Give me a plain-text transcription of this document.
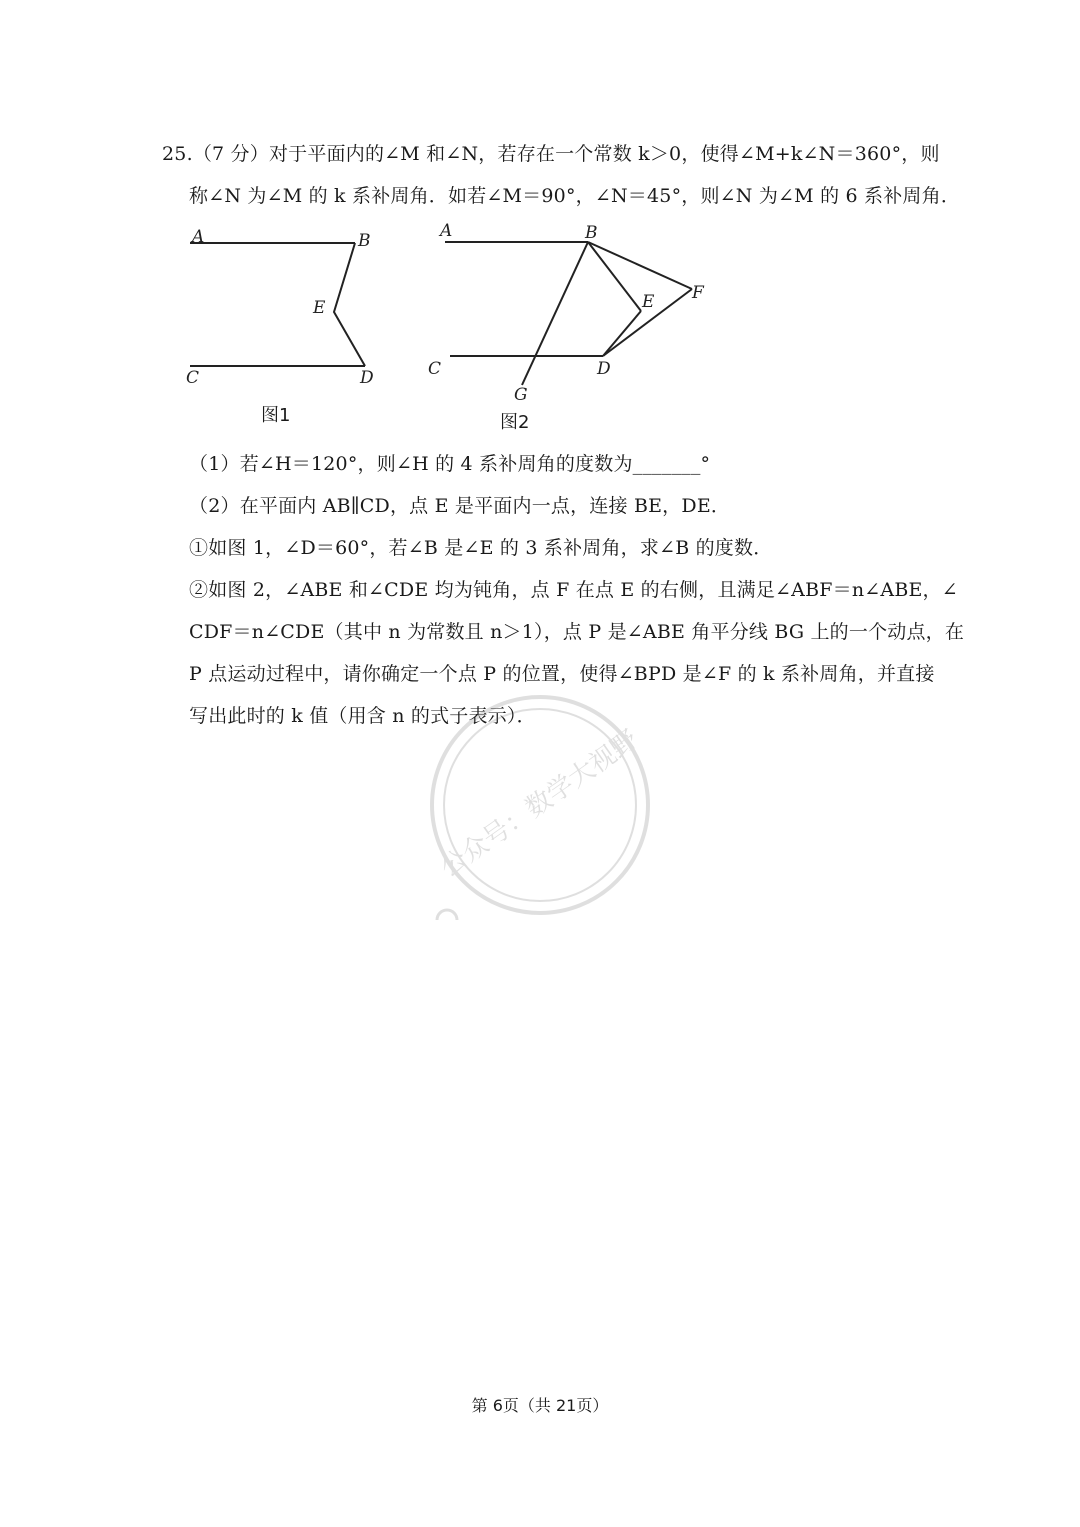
25.（7 分）对于平面内的∠M 和∠N，若存在一个常数 k＞0，使得∠M+k∠N＝360°，则
称∠N 为∠M 的 k 系补周角．如若∠M＝90°，∠N＝45°，则∠N 为∠M 的 6 系补周角．
A	B
E
C	D
图1
A	B
E F
C	D
G
图2
（1）若∠H＝120°，则∠H 的 4 系补周角的度数为_______°
（2）在平面内 AB∥CD，点 E 是平面内一点，连接 BE，DE．
①如图 1，∠D＝60°，若∠B 是∠E 的 3 系补周角，求∠B 的度数．
②如图 2，∠ABE 和∠CDE 均为钝角，点 F 在点 E 的右侧，且满足∠ABF＝n∠ABE，∠
CDF＝n∠CDE（其中 n 为常数且 n＞1），点 P 是∠ABE 角平分线 BG 上的一个动点，在
P 点运动过程中，请你确定一个点 P 的位置，使得∠BPD 是∠F 的 k 系补周角，并直接
写出此时的 k 值（用含 n 的式子表示）．
公众号：数学大视野
第 6页（共 21页）
